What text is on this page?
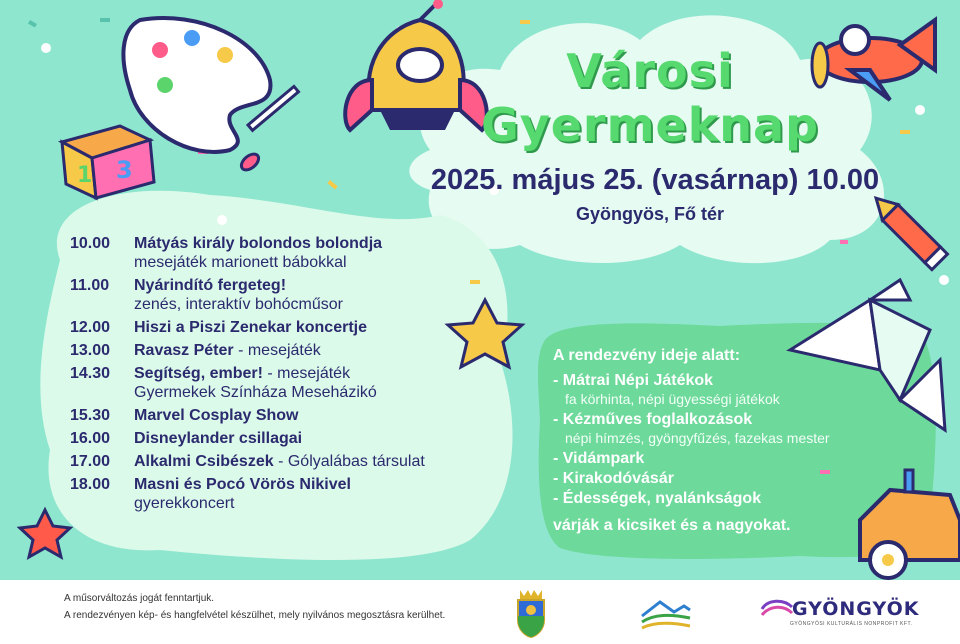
1 3
Városi
Gyermeknap
2025. május 25. (vasárnap) 10.00
Gyöngyös, Fő tér
10.00	Mátyás király bolondos bolondja
mesejáték marionett bábokkal
11.00	Nyárindító fergeteg!
zenés, interaktív bohócműsor
12.00	Hiszi a Piszi Zenekar koncertje
13.00	Ravasz Péter - mesejáték
14.30	Segítség, ember! - mesejáték
Gyermekek Színháza Meseházikó
15.30	Marvel Cosplay Show
16.00	Disneylander csillagai
17.00	Alkalmi Csibészek - Gólyalábas társulat
18.00	Masni és Pocó Vörös Nikivel
gyerekkoncert
A rendezvény ideje alatt:
- Mátrai Népi Játékok
fa körhinta, népi ügyességi játékok
- Kézműves foglalkozások
népi hímzés, gyöngyfűzés, fazekas mester
- Vidámpark
- Kirakodóvásár
- Édességek, nyalánkságok
várják a kicsiket és a nagyokat.
A műsorváltozás jogát fenntartjuk.
A rendezvényen kép- és hangfelvétel készülhet, mely nyilvános megosztásra kerülhet.	GYÖNGYÖK
GYÖNGYÖSI KULTURÁLIS NONPROFIT KFT.
